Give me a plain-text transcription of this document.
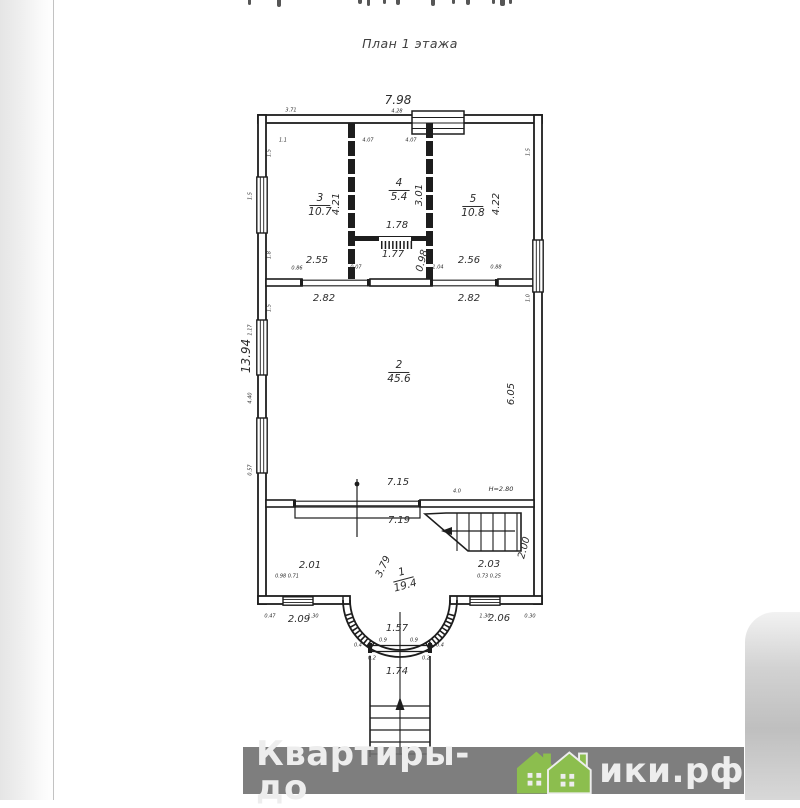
План 1 этажа
7.98
3.71	4.28
4.07	4.07
4.21	3.01	4.22
1.78
2.55	2.56
1.77 0.98
2.82	2.82
13.94
6.05
7.15
H=2.80
4.0
7.19
2.01	2.03
2.00
3.79
2.09	2.06
1.57
1.74
0.86	0.07	1.04	0.88
1.5
1.8
1.5
1.1
1.5
1.0
1.17
4.40
0.57
1.5
0.98 0.71	0.73 0.25
0.47	1.30	1.30	0.30
0.4	0.4
0.2	0.2
0.9	0.9
3
10.7
4
5.4	5
10.8
2
45.6
1
19.4
Квартиры-до	ики.рф
